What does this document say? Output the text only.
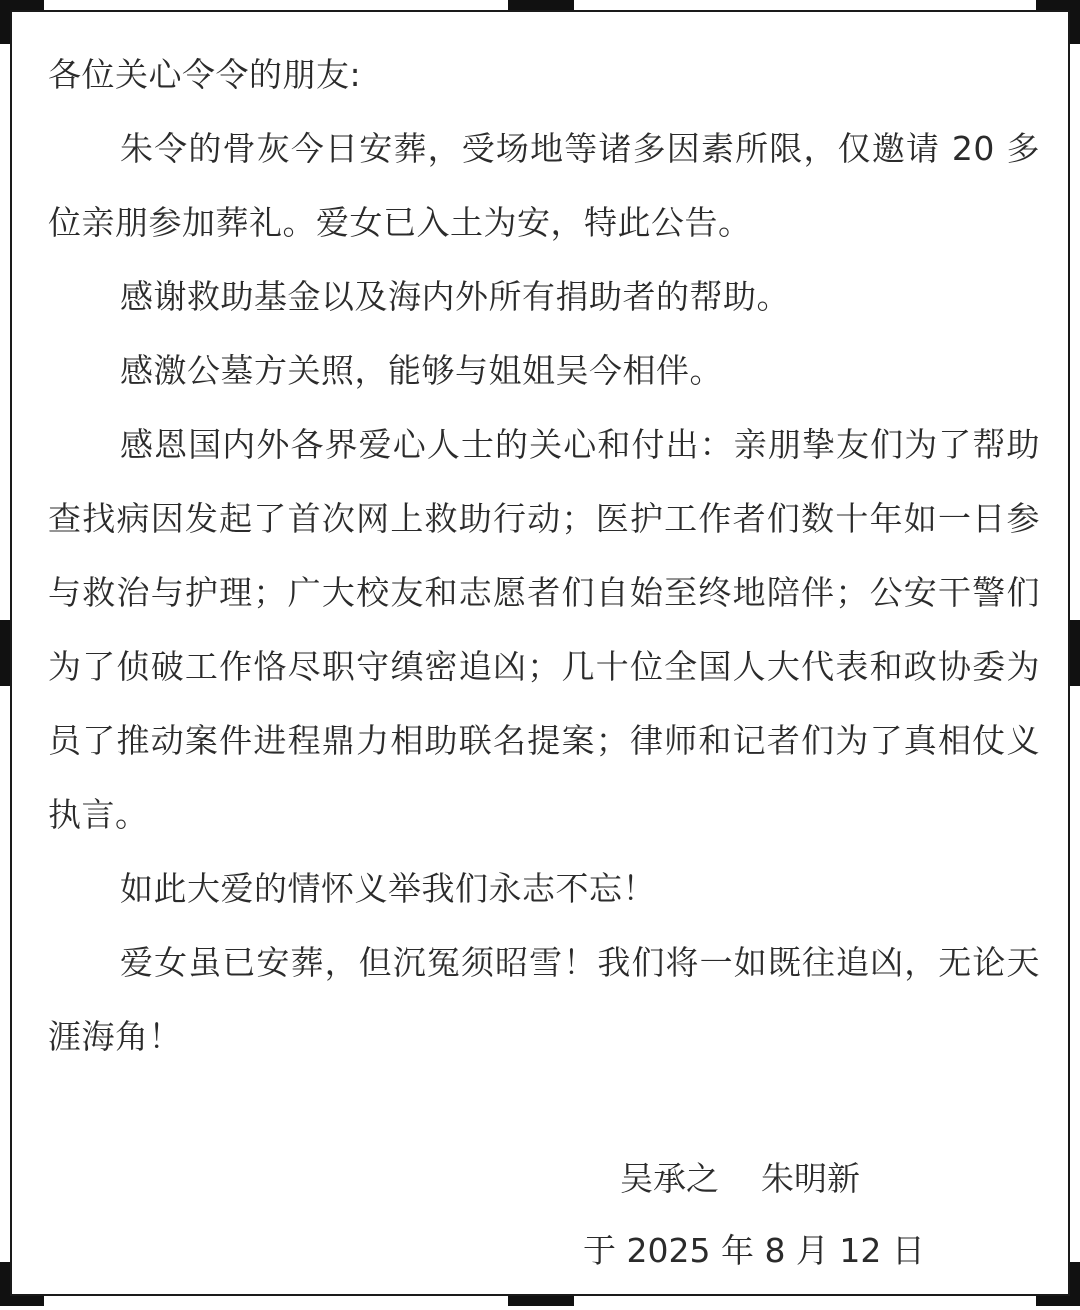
各位关心令令的朋友:

朱令的骨灰今日安葬，受场地等诸多因素所限，仅邀请 20 多位亲朋参加葬礼。爱女已入土为安，特此公告。

感谢救助基金以及海内外所有捐助者的帮助。

感激公墓方关照，能够与姐姐吴今相伴。

感恩国内外各界爱心人士的关心和付出：亲朋挚友们为了帮助查找病因发起了首次网上救助行动；医护工作者们数十年如一日参与救治与护理；广大校友和志愿者们自始至终地陪伴；公安干警们为了侦破工作恪尽职守缜密追凶；几十位全国人大代表和政协委为员了推动案件进程鼎力相助联名提案；律师和记者们为了真相仗义执言。

如此大爱的情怀义举我们永志不忘！

爱女虽已安葬，但沉冤须昭雪！我们将一如既往追凶，无论天涯海角！

吴承之    朱明新
于 2025 年 8 月 12 日
